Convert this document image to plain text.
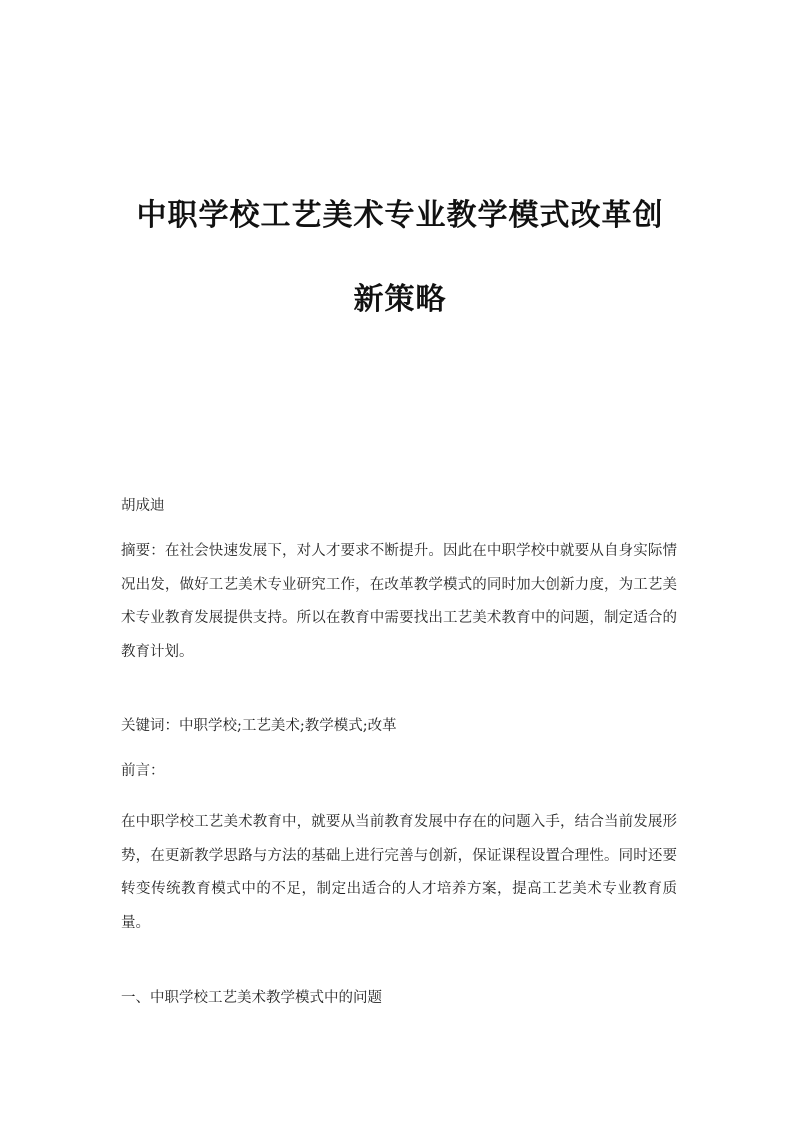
中职学校工艺美术专业教学模式改革创
新策略

胡成迪

摘要：在社会快速发展下，对人才要求不断提升。因此在中职学校中就要从自身实际情况出发，做好工艺美术专业研究工作，在改革教学模式的同时加大创新力度，为工艺美术专业教育发展提供支持。所以在教育中需要找出工艺美术教育中的问题，制定适合的教育计划。

关键词：中职学校;工艺美术;教学模式;改革

前言：

在中职学校工艺美术教育中，就要从当前教育发展中存在的问题入手，结合当前发展形势，在更新教学思路与方法的基础上进行完善与创新，保证课程设置合理性。同时还要转变传统教育模式中的不足，制定出适合的人才培养方案，提高工艺美术专业教育质量。

一、中职学校工艺美术教学模式中的问题
